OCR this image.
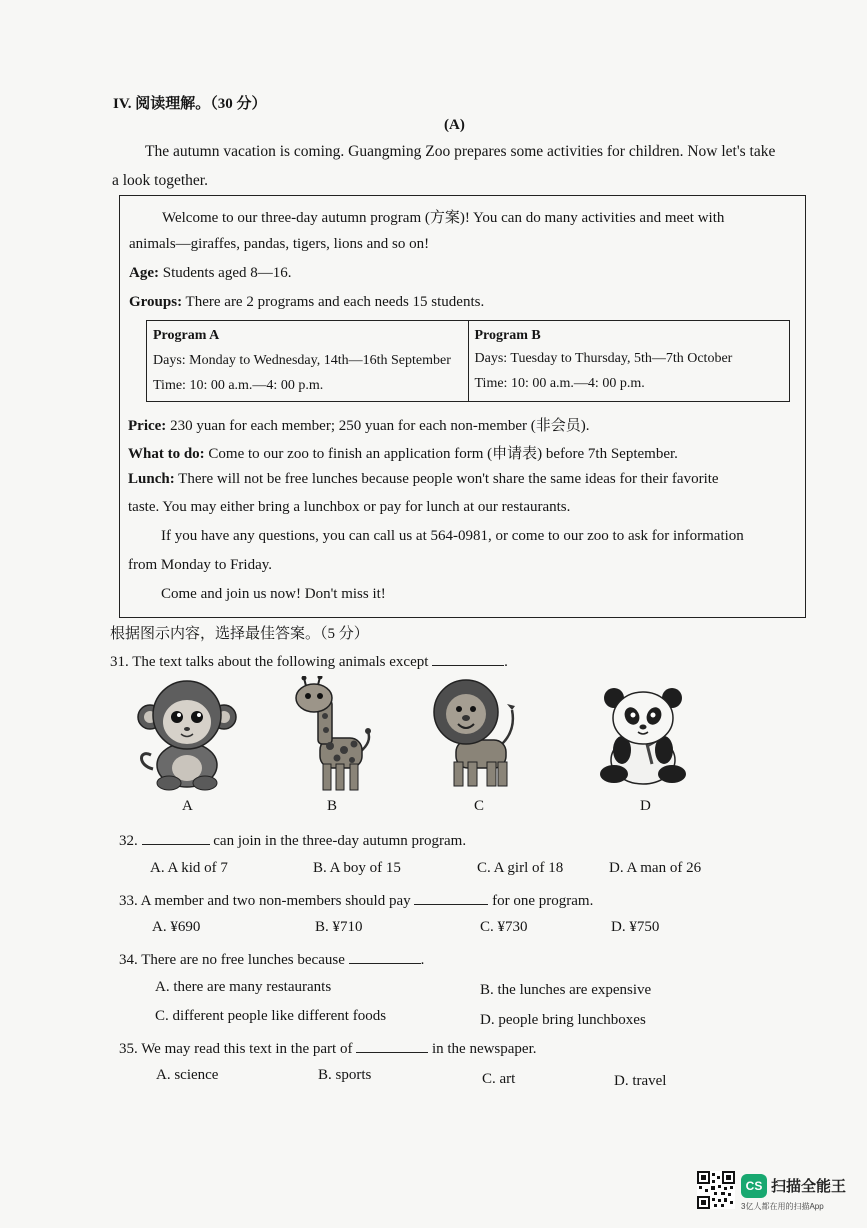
IV. 阅读理解。（30 分）
(A)
The autumn vacation is coming. Guangming Zoo prepares some activities for children. Now let's take
a look together.
Welcome to our three-day autumn program (方案)! You can do many activities and meet with
animals—giraffes, pandas, tigers, lions and so on!
Age: Students aged 8—16.
Groups: There are 2 programs and each needs 15 students.
Program A
Days: Monday to Wednesday, 14th—16th September
Time: 10: 00 a.m.—4: 00 p.m.
Program B
Days: Tuesday to Thursday, 5th—7th October
Time: 10: 00 a.m.—4: 00 p.m.
Price: 230 yuan for each member; 250 yuan for each non-member (非会员).
What to do: Come to our zoo to finish an application form (申请表) before 7th September.
Lunch: There will not be free lunches because people won't share the same ideas for their favorite
taste. You may either bring a lunchbox or pay for lunch at our restaurants.
If you have any questions, you can call us at 564-0981, or come to our zoo to ask for information
from Monday to Friday.
Come and join us now! Don't miss it!
根据图示内容，选择最佳答案。（5 分）
31. The text talks about the following animals except	.
A	B	C	D
32.	can join in the three-day autumn program.
A. A kid of 7	B. A boy of 15	C. A girl of 18	D. A man of 26
33. A member and two non-members should pay	for one program.
A. ¥690	B. ¥710	C. ¥730	D. ¥750
34. There are no free lunches because	.
A. there are many restaurants	B. the lunches are expensive
C. different people like different foods	D. people bring lunchboxes
35. We may read this text in the part of	in the newspaper.
A. science	B. sports	C. art	D. travel
CS 扫描全能王
3亿人都在用的扫描App
